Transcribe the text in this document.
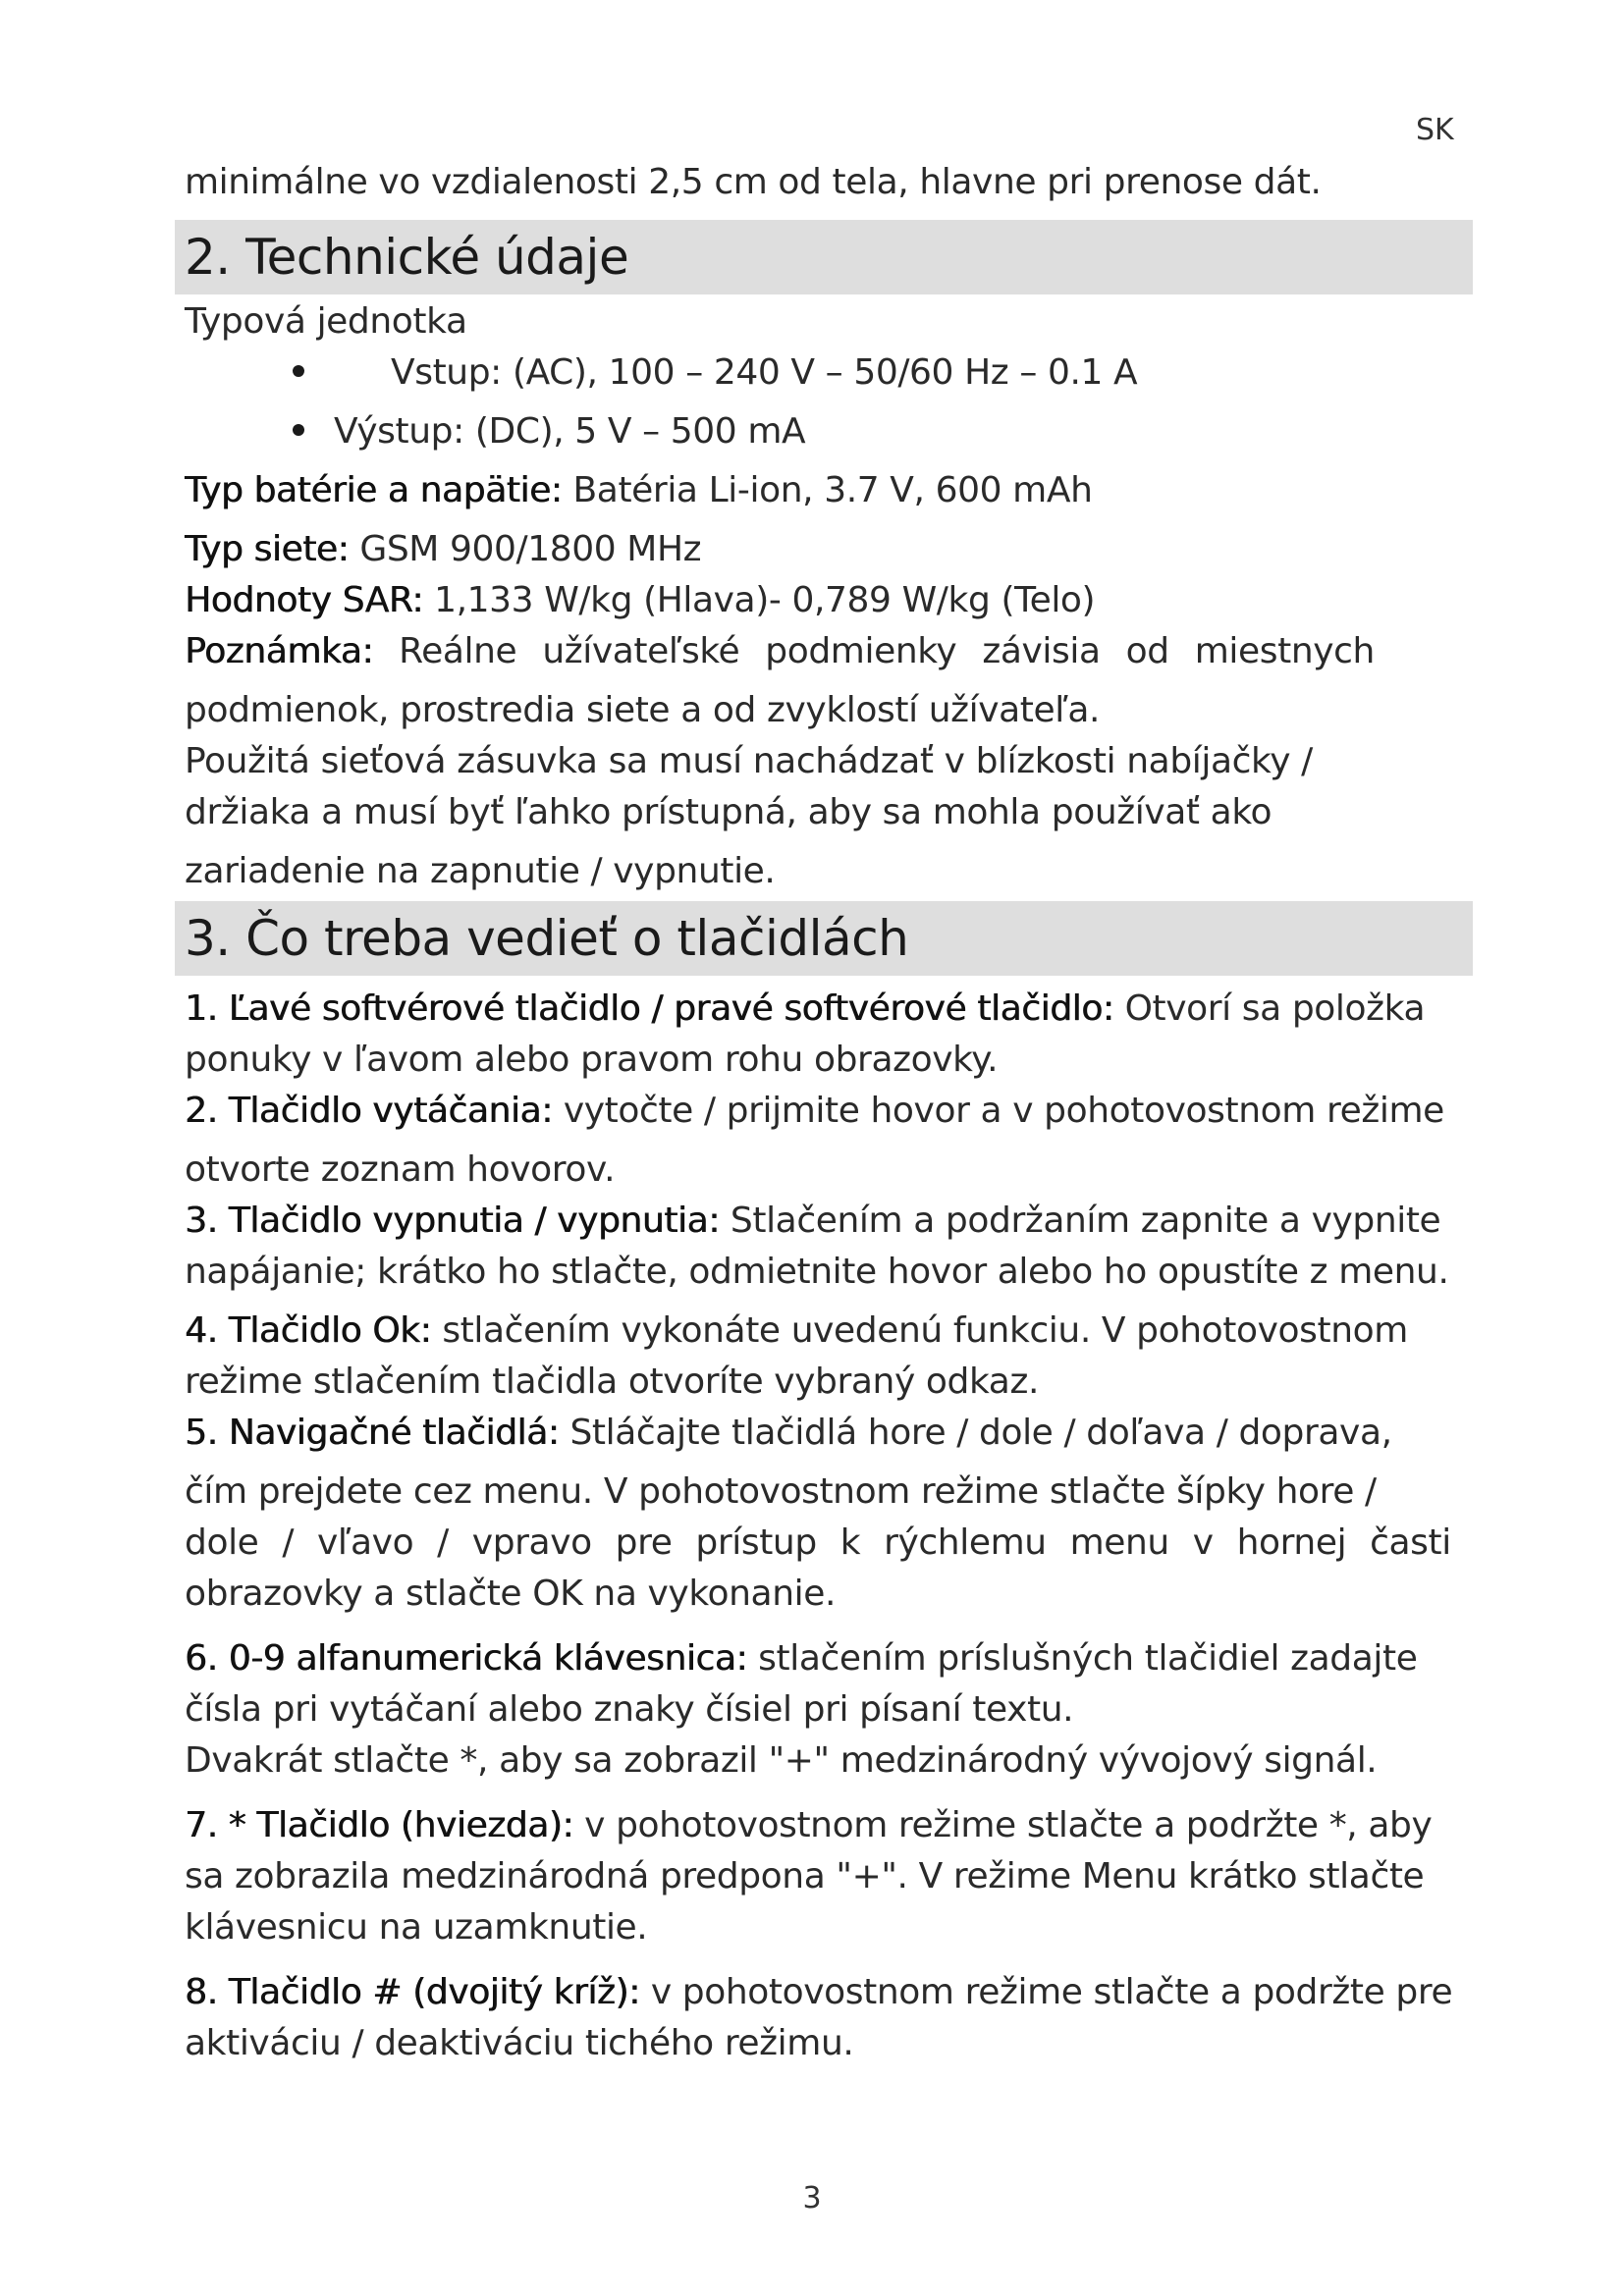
SK
minimálne vo vzdialenosti 2,5 cm od tela, hlavne pri prenose dát.
2. Technické údaje
Typová jednotka
Vstup: (AC), 100 – 240 V – 50/60 Hz – 0.1 A
Výstup: (DC), 5 V – 500 mA
Typ batérie a napätie: Batéria Li-ion, 3.7 V, 600 mAh
Typ siete: GSM 900/1800 MHz
Hodnoty SAR: 1,133 W/kg (Hlava)- 0,789 W/kg (Telo)
Poznámka: Reálne užívateľské podmienky závisia od miestnych
podmienok, prostredia siete a od zvyklostí užívateľa.
Použitá sieťová zásuvka sa musí nachádzať v blízkosti nabíjačky /
držiaka a musí byť ľahko prístupná, aby sa mohla používať ako
zariadenie na zapnutie / vypnutie.
3. Čo treba vedieť o tlačidlách
1. Ľavé softvérové tlačidlo / pravé softvérové tlačidlo: Otvorí sa položka
ponuky v ľavom alebo pravom rohu obrazovky.
2. Tlačidlo vytáčania: vytočte / prijmite hovor a v pohotovostnom režime
otvorte zoznam hovorov.
3. Tlačidlo vypnutia / vypnutia: Stlačením a podržaním zapnite a vypnite
napájanie; krátko ho stlačte, odmietnite hovor alebo ho opustíte z menu.
4. Tlačidlo Ok: stlačením vykonáte uvedenú funkciu. V pohotovostnom
režime stlačením tlačidla otvoríte vybraný odkaz.
5. Navigačné tlačidlá: Stláčajte tlačidlá hore / dole / doľava / doprava,
čím prejdete cez menu. V pohotovostnom režime stlačte šípky hore /
dole / vľavo / vpravo pre prístup k rýchlemu menu v hornej časti
obrazovky a stlačte OK na vykonanie.
6. 0-9 alfanumerická klávesnica: stlačením príslušných tlačidiel zadajte
čísla pri vytáčaní alebo znaky čísiel pri písaní textu.
Dvakrát stlačte *, aby sa zobrazil "+" medzinárodný vývojový signál.
7. * Tlačidlo (hviezda): v pohotovostnom režime stlačte a podržte *, aby
sa zobrazila medzinárodná predpona "+". V režime Menu krátko stlačte
klávesnicu na uzamknutie.
8. Tlačidlo # (dvojitý kríž): v pohotovostnom režime stlačte a podržte pre
aktiváciu / deaktiváciu tichého režimu.
3
